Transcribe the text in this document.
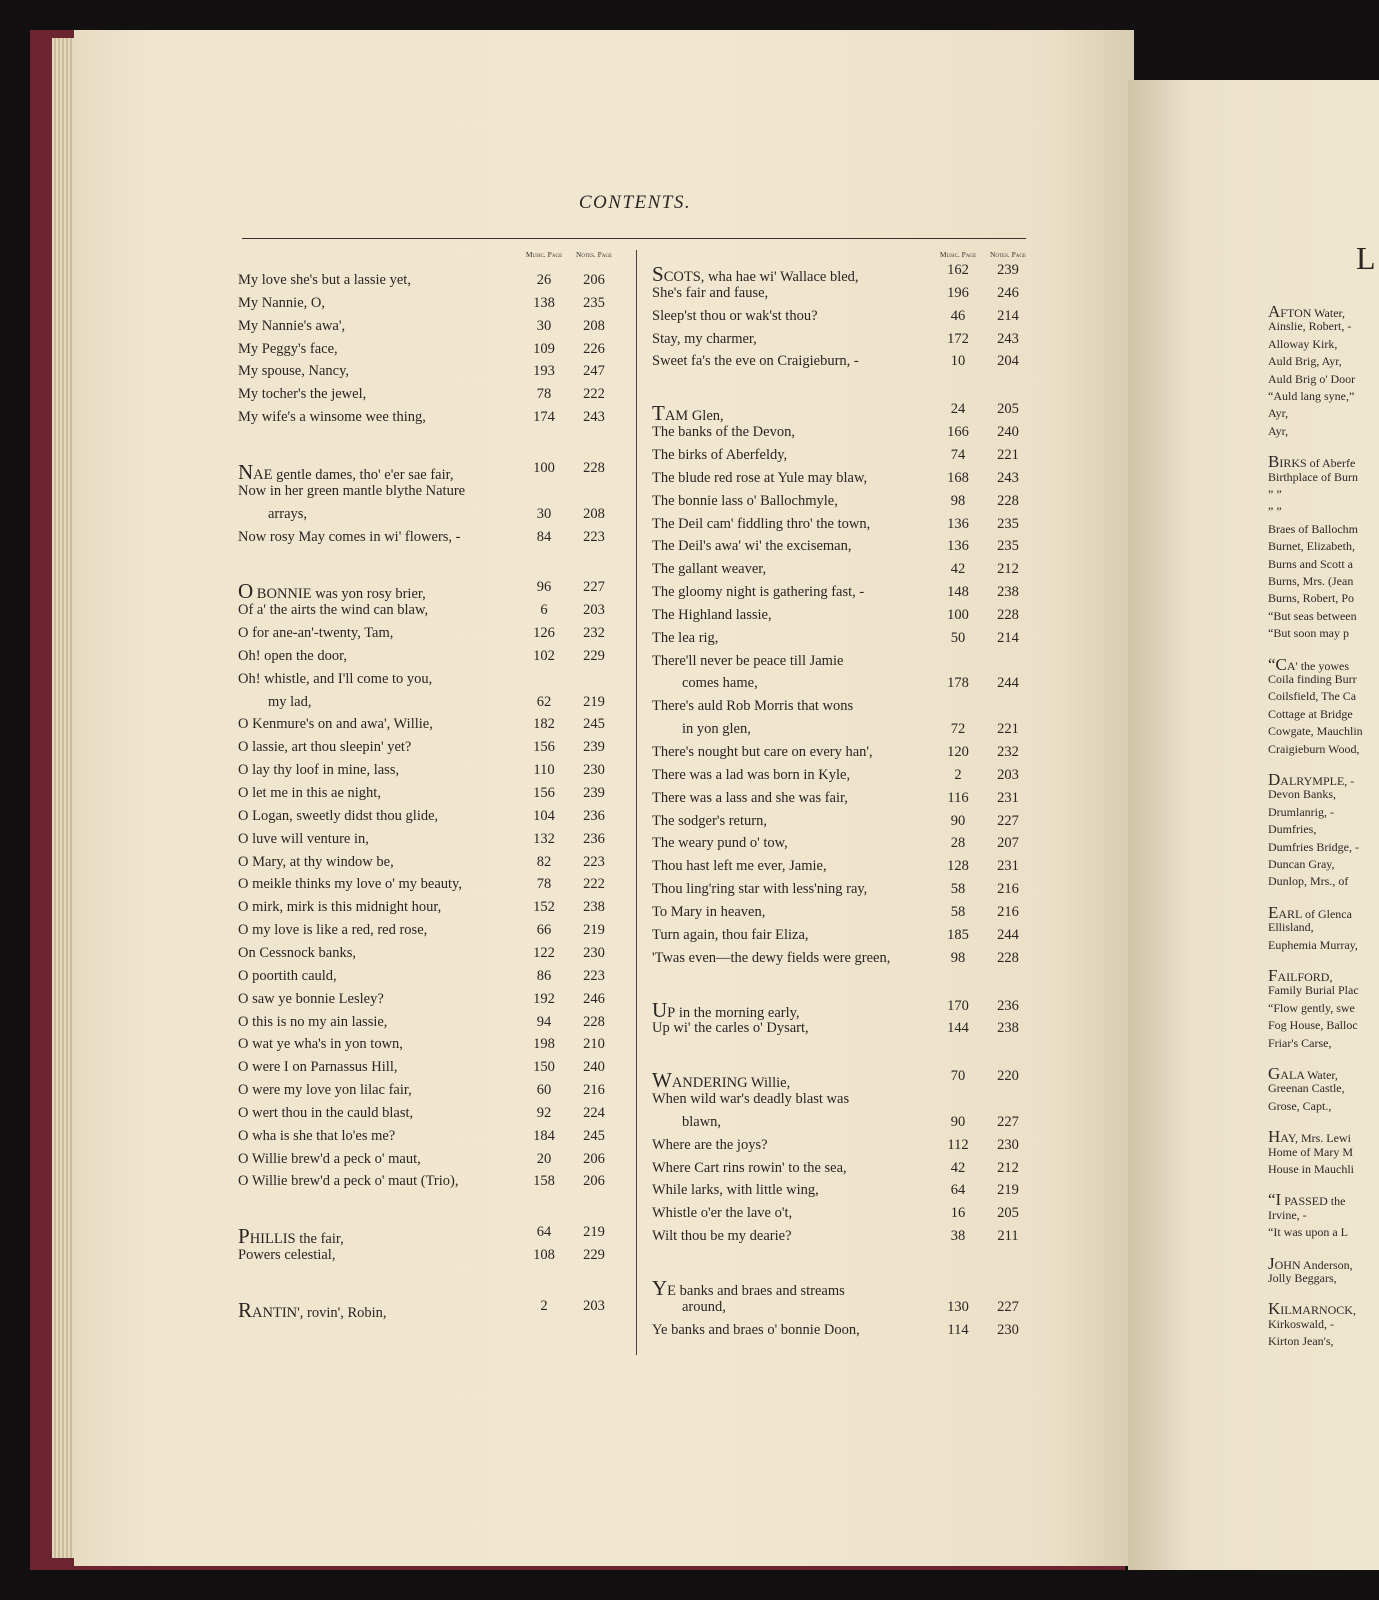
CONTENTS.
Music. Page	Notes. Page
My love she's but a lassie yet,	26	206
My Nannie, O,	138	235
My Nannie's awa',	30	208
My Peggy's face,	109	226
My spouse, Nancy,	193	247
My tocher's the jewel,	78	222
My wife's a winsome wee thing,	174	243
NAE gentle dames, tho' e'er sae fair,	100	228
Now in her green mantle blythe Nature
arrays,	30	208
Now rosy May comes in wi' flowers, -	84	223
O BONNIE was yon rosy brier,	96	227
Of a' the airts the wind can blaw,	6	203
O for ane-an'-twenty, Tam,	126	232
Oh! open the door,	102	229
Oh! whistle, and I'll come to you,
my lad,	62	219
O Kenmure's on and awa', Willie,	182	245
O lassie, art thou sleepin' yet?	156	239
O lay thy loof in mine, lass,	110	230
O let me in this ae night,	156	239
O Logan, sweetly didst thou glide,	104	236
O luve will venture in,	132	236
O Mary, at thy window be,	82	223
O meikle thinks my love o' my beauty,	78	222
O mirk, mirk is this midnight hour,	152	238
O my love is like a red, red rose,	66	219
On Cessnock banks,	122	230
O poortith cauld,	86	223
O saw ye bonnie Lesley?	192	246
O this is no my ain lassie,	94	228
O wat ye wha's in yon town,	198	210
O were I on Parnassus Hill,	150	240
O were my love yon lilac fair,	60	216
O wert thou in the cauld blast,	92	224
O wha is she that lo'es me?	184	245
O Willie brew'd a peck o' maut,	20	206
O Willie brew'd a peck o' maut (Trio),	158	206
PHILLIS the fair,	64	219
Powers celestial,	108	229
RANTIN', rovin', Robin,	2	203
Music. Page	Notes. Page
SCOTS, wha hae wi' Wallace bled,	162	239
She's fair and fause,	196	246
Sleep'st thou or wak'st thou?	46	214
Stay, my charmer,	172	243
Sweet fa's the eve on Craigieburn, -	10	204
TAM Glen,	24	205
The banks of the Devon,	166	240
The birks of Aberfeldy,	74	221
The blude red rose at Yule may blaw,	168	243
The bonnie lass o' Ballochmyle,	98	228
The Deil cam' fiddling thro' the town,	136	235
The Deil's awa' wi' the exciseman,	136	235
The gallant weaver,	42	212
The gloomy night is gathering fast, -	148	238
The Highland lassie,	100	228
The lea rig,	50	214
There'll never be peace till Jamie
comes hame,	178	244
There's auld Rob Morris that wons
in yon glen,	72	221
There's nought but care on every han',	120	232
There was a lad was born in Kyle,	2	203
There was a lass and she was fair,	116	231
The sodger's return,	90	227
The weary pund o' tow,	28	207
Thou hast left me ever, Jamie,	128	231
Thou ling'ring star with less'ning ray,	58	216
To Mary in heaven,	58	216
Turn again, thou fair Eliza,	185	244
'Twas even—the dewy fields were green,	98	228
UP in the morning early,	170	236
Up wi' the carles o' Dysart,	144	238
WANDERING Willie,	70	220
When wild war's deadly blast was
blawn,	90	227
Where are the joys?	112	230
Where Cart rins rowin' to the sea,	42	212
While larks, with little wing,	64	219
Whistle o'er the lave o't,	16	205
Wilt thou be my dearie?	38	211
YE banks and braes and streams
around,	130	227
Ye banks and braes o' bonnie Doon,	114	230
L
AFTON Water,
Ainslie, Robert, -
Alloway Kirk,
Auld Brig, Ayr,
Auld Brig o' Door
“Auld lang syne,”
Ayr,
Ayr,
BIRKS of Aberfe
Birthplace of Burn
” ”
” ”
Braes of Ballochm
Burnet, Elizabeth,
Burns and Scott a
Burns, Mrs. (Jean
Burns, Robert, Po
“But seas between
“But soon may p
“CA' the yowes
Coila finding Burr
Coilsfield, The Ca
Cottage at Bridge
Cowgate, Mauchlin
Craigieburn Wood,
DALRYMPLE, -
Devon Banks,
Drumlanrig, -
Dumfries,
Dumfries Bridge, -
Duncan Gray,
Dunlop, Mrs., of
EARL of Glenca
Ellisland,
Euphemia Murray,
FAILFORD,
Family Burial Plac
“Flow gently, swe
Fog House, Balloc
Friar's Carse,
GALA Water,
Greenan Castle,
Grose, Capt.,
HAY, Mrs. Lewi
Home of Mary M
House in Mauchli
“I PASSED the
Irvine, -
“It was upon a L
JOHN Anderson,
Jolly Beggars,
KILMARNOCK,
Kirkoswald, -
Kirton Jean's,
